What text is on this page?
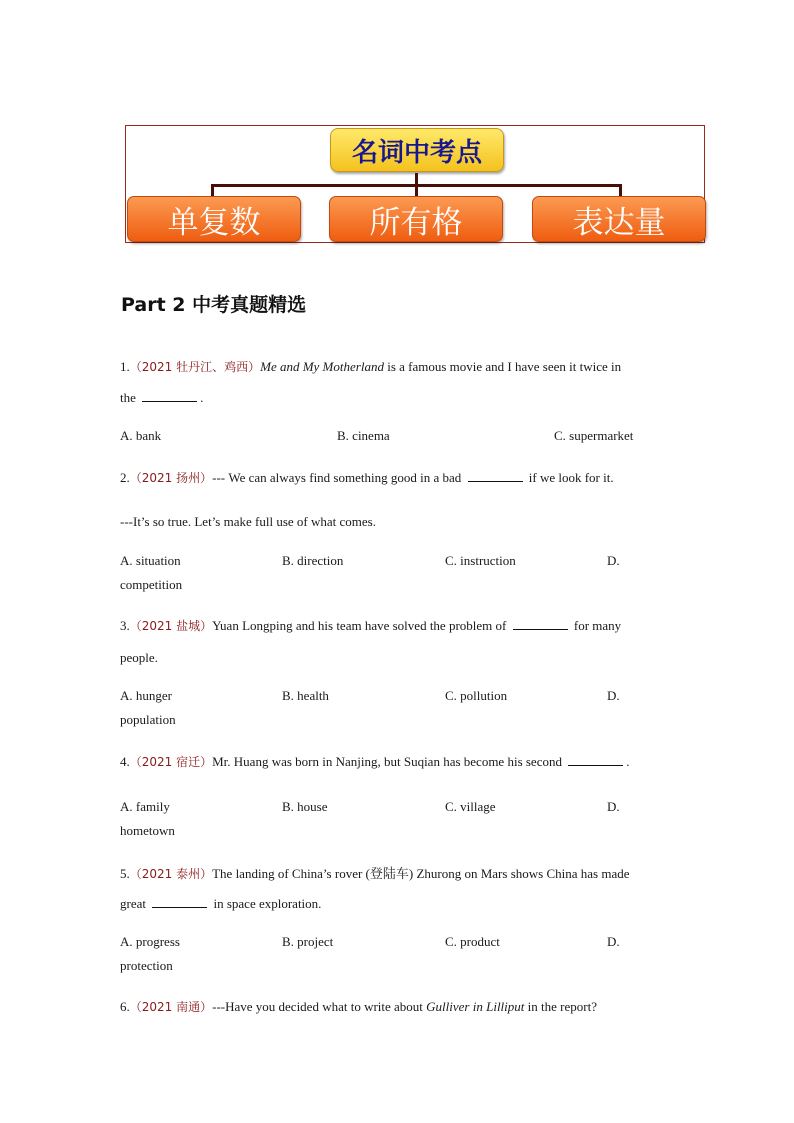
名词中考点
单复数	所有格	表达量
Part 2 中考真题精选
1.（2021 牡丹江、鸡西）Me and My Motherland is a famous movie and I have seen it twice in
the	.
A. bank	B. cinema	C. supermarket
2.（2021 扬州）--- We can always find something good in a bad	if we look for it.
---It’s so true. Let’s make full use of what comes.
A. situation	B. direction	C. instruction	D.
competition
3.（2021 盐城）Yuan Longping and his team have solved the problem of	for many
people.
A. hunger	B. health	C. pollution	D.
population
4.（2021 宿迁）Mr. Huang was born in Nanjing, but Suqian has become his second	.
A. family	B. house	C. village	D.
hometown
5.（2021 泰州）The landing of China’s rover (登陆车) Zhurong on Mars shows China has made
great	in space exploration.
A. progress	B. project	C. product	D.
protection
6.（2021 南通）---Have you decided what to write about Gulliver in Lilliput in the report?
